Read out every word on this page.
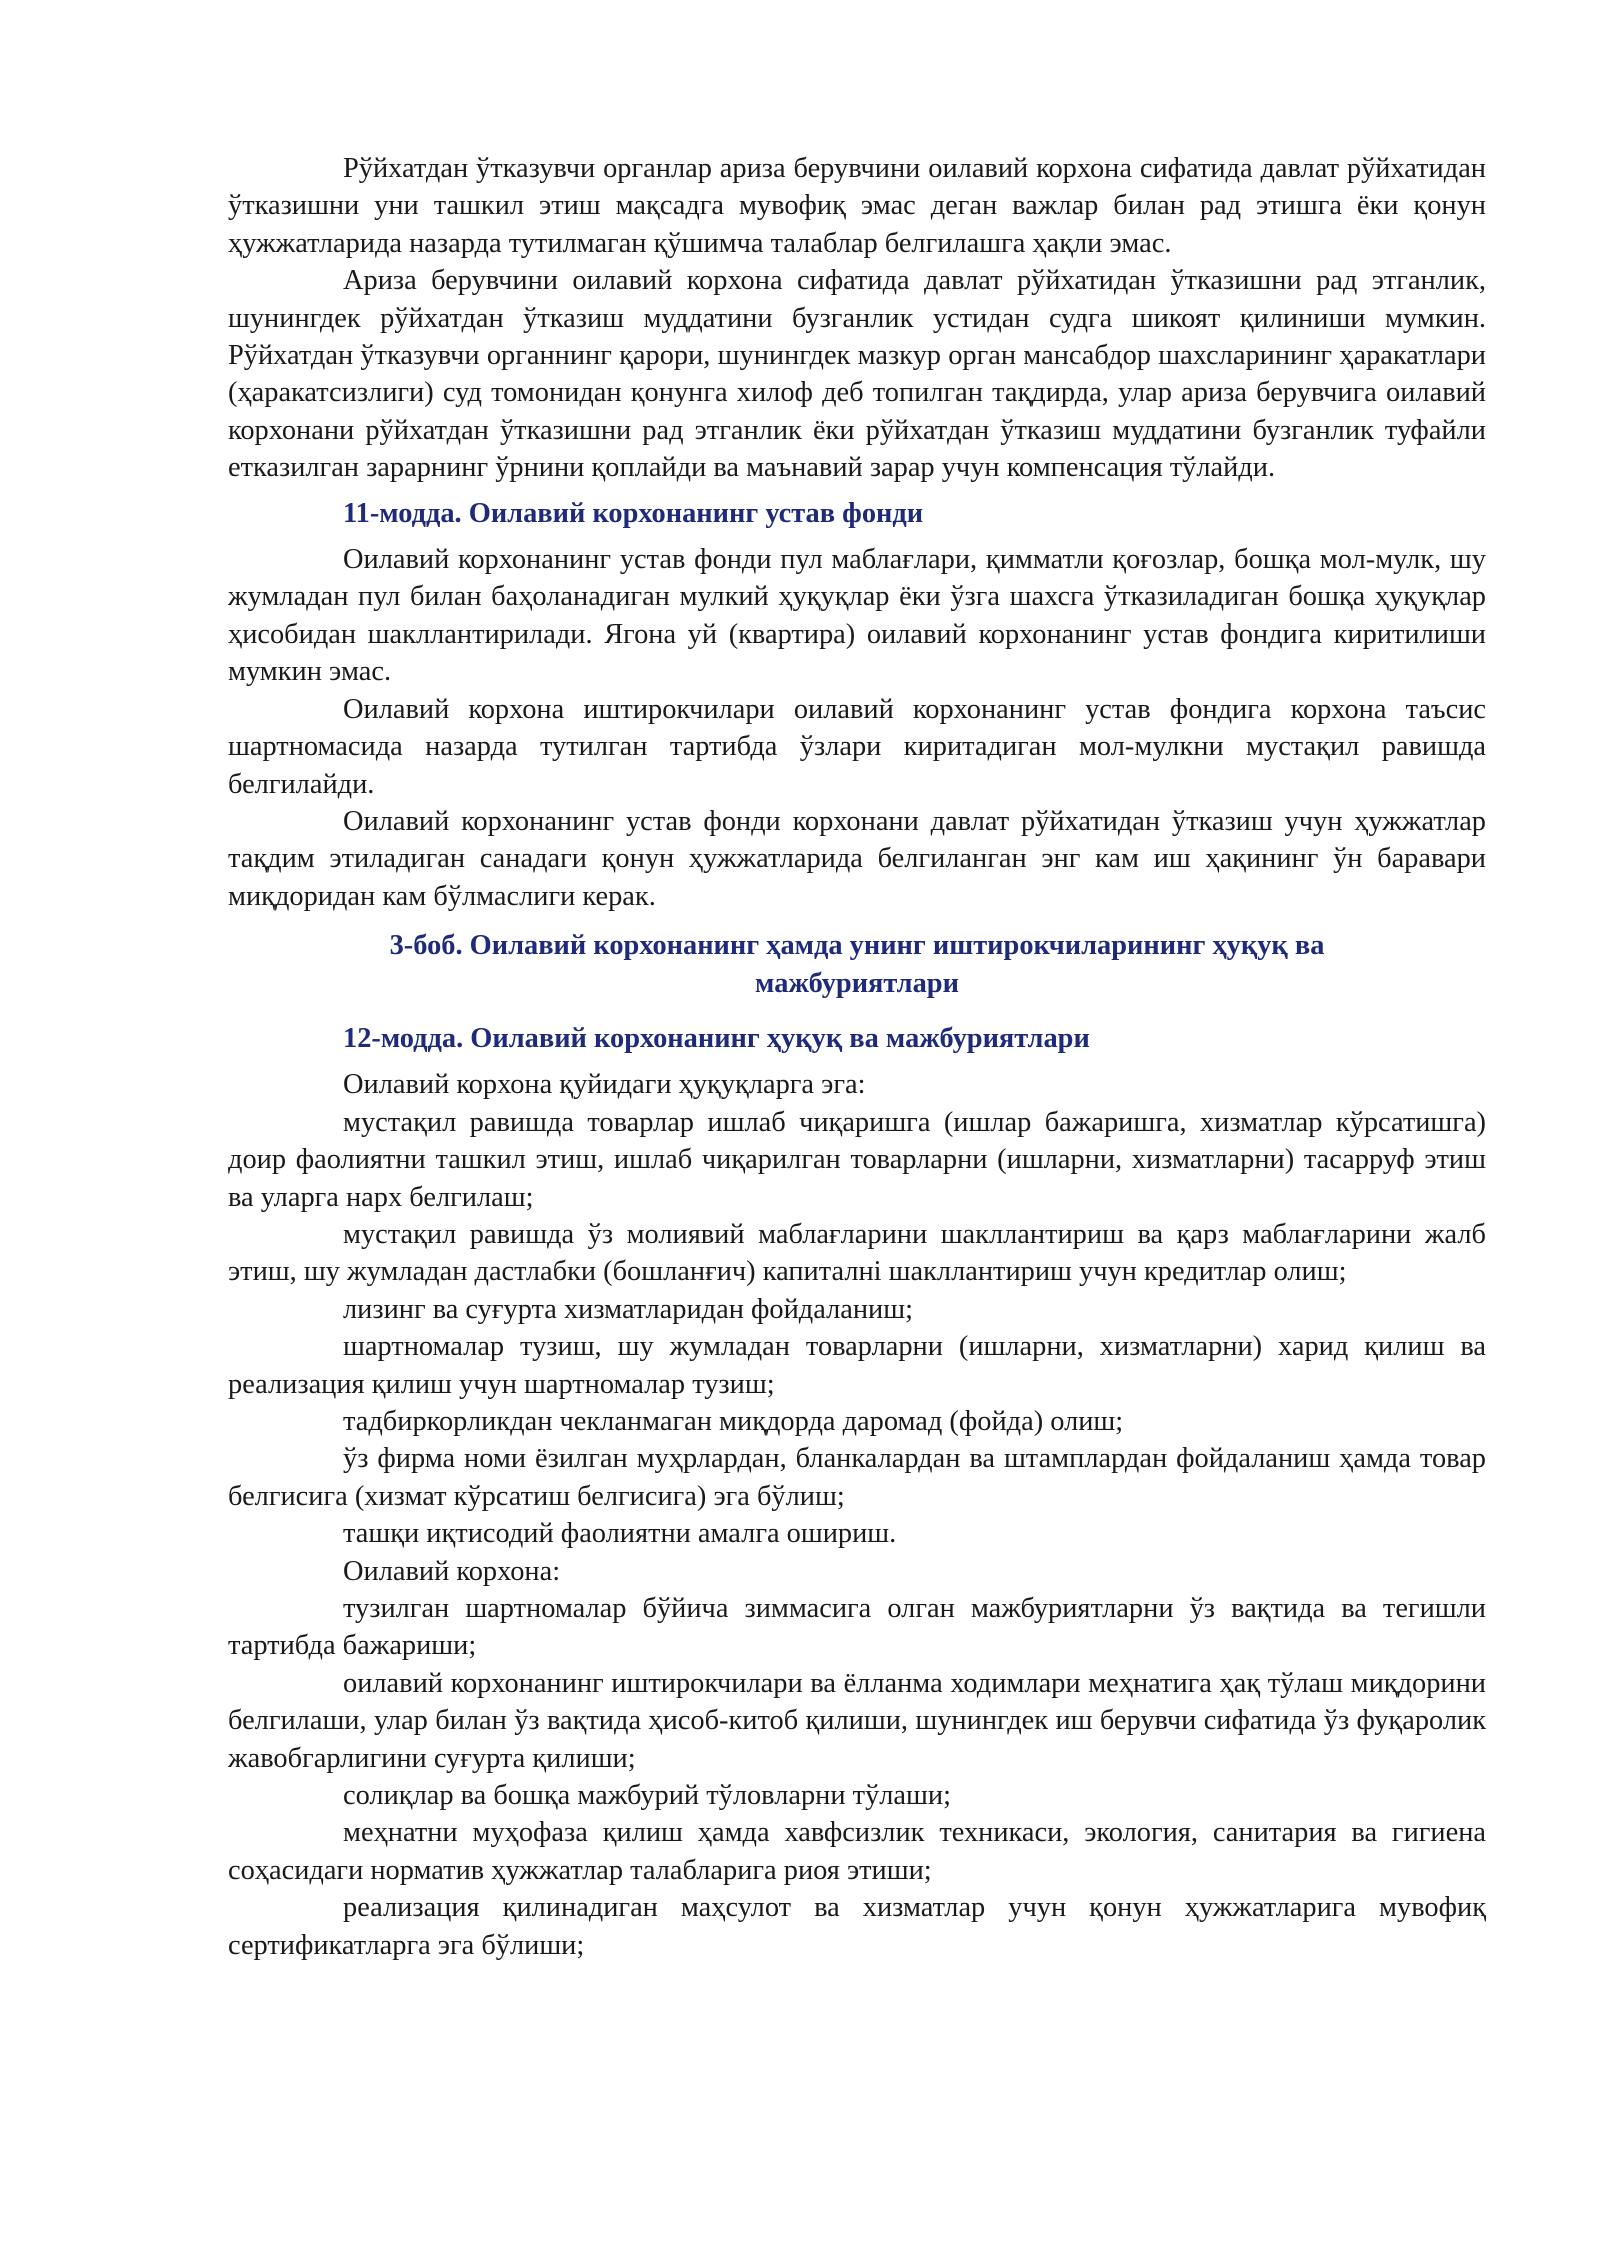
Рўйхатдан ўтказувчи органлар ариза берувчини оилавий корхона сифатида давлат рўйхатидан ўтказишни уни ташкил этиш мақсадга мувофиқ эмас деган важлар билан рад этишга ёки қонун ҳужжатларида назарда тутилмаган қўшимча талаблар белгилашга ҳақли эмас.

Ариза берувчини оилавий корхона сифатида давлат рўйхатидан ўтказишни рад этганлик, шунингдек рўйхатдан ўтказиш муддатини бузганлик устидан судга шикоят қилиниши мумкин. Рўйхатдан ўтказувчи органнинг қарори, шунингдек мазкур орган мансабдор шахсларининг ҳаракатлари (ҳаракатсизлиги) суд томонидан қонунга хилоф деб топилган тақдирда, улар ариза берувчига оилавий корхонани рўйхатдан ўтказишни рад этганлик ёки рўйхатдан ўтказиш муддатини бузганлик туфайли етказилган зарарнинг ўрнини қоплайди ва маънавий зарар учун компенсация тўлайди.

11-модда. Оилавий корхонанинг устав фонди

Оилавий корхонанинг устав фонди пул маблағлари, қимматли қоғозлар, бошқа мол-мулк, шу жумладан пул билан баҳоланадиган мулкий ҳуқуқлар ёки ўзга шахсга ўтказиладиган бошқа ҳуқуқлар ҳисобидан шакллантирилади. Ягона уй (квартира) оилавий корхонанинг устав фондига киритилиши мумкин эмас.

Оилавий корхона иштирокчилари оилавий корхонанинг устав фондига корхона таъсис шартномасида назарда тутилган тартибда ўзлари киритадиган мол-мулкни мустақил равишда белгилайди.

Оилавий корхонанинг устав фонди корхонани давлат рўйхатидан ўтказиш учун ҳужжатлар тақдим этиладиган санадаги қонун ҳужжатларида белгиланган энг кам иш ҳақининг ўн баравари миқдоридан кам бўлмаслиги керак.

3-боб. Оилавий корхонанинг ҳамда унинг иштирокчиларининг ҳуқуқ ва
мажбуриятлари
12-модда. Оилавий корхонанинг ҳуқуқ ва мажбуриятлари

Оилавий корхона қуйидаги ҳуқуқларга эга:

мустақил равишда товарлар ишлаб чиқаришга (ишлар бажаришга, хизматлар кўрсатишга) доир фаолиятни ташкил этиш, ишлаб чиқарилган товарларни (ишларни, хизматларни) тасарруф этиш ва уларга нарх белгилаш;

мустақил равишда ўз молиявий маблағларини шакллантириш ва қарз маблағларини жалб этиш, шу жумладан дастлабки (бошланғич) капиталнi шакллантириш учун кредитлар олиш;

лизинг ва суғурта хизматларидан фойдаланиш;

шартномалар тузиш, шу жумладан товарларни (ишларни, хизматларни) харид қилиш ва реализация қилиш учун шартномалар тузиш;

тадбиркорликдан чекланмаган миқдорда даромад (фойда) олиш;

ўз фирма номи ёзилган муҳрлардан, бланкалардан ва штамплардан фойдаланиш ҳамда товар белгисига (хизмат кўрсатиш белгисига) эга бўлиш;

ташқи иқтисодий фаолиятни амалга ошириш.

Оилавий корхона:

тузилган шартномалар бўйича зиммасига олган мажбуриятларни ўз вақтида ва тегишли тартибда бажариши;

оилавий корхонанинг иштирокчилари ва ёлланма ходимлари меҳнатига ҳақ тўлаш миқдорини белгилаши, улар билан ўз вақтида ҳисоб-китоб қилиши, шунингдек иш берувчи сифатида ўз фуқаролик жавобгарлигини суғурта қилиши;

солиқлар ва бошқа мажбурий тўловларни тўлаши;

меҳнатни муҳофаза қилиш ҳамда хавфсизлик техникаси, экология, санитария ва гигиена соҳасидаги норматив ҳужжатлар талабларига риоя этиши;

реализация қилинадиган маҳсулот ва хизматлар учун қонун ҳужжатларига мувофиқ сертификатларга эга бўлиши;
